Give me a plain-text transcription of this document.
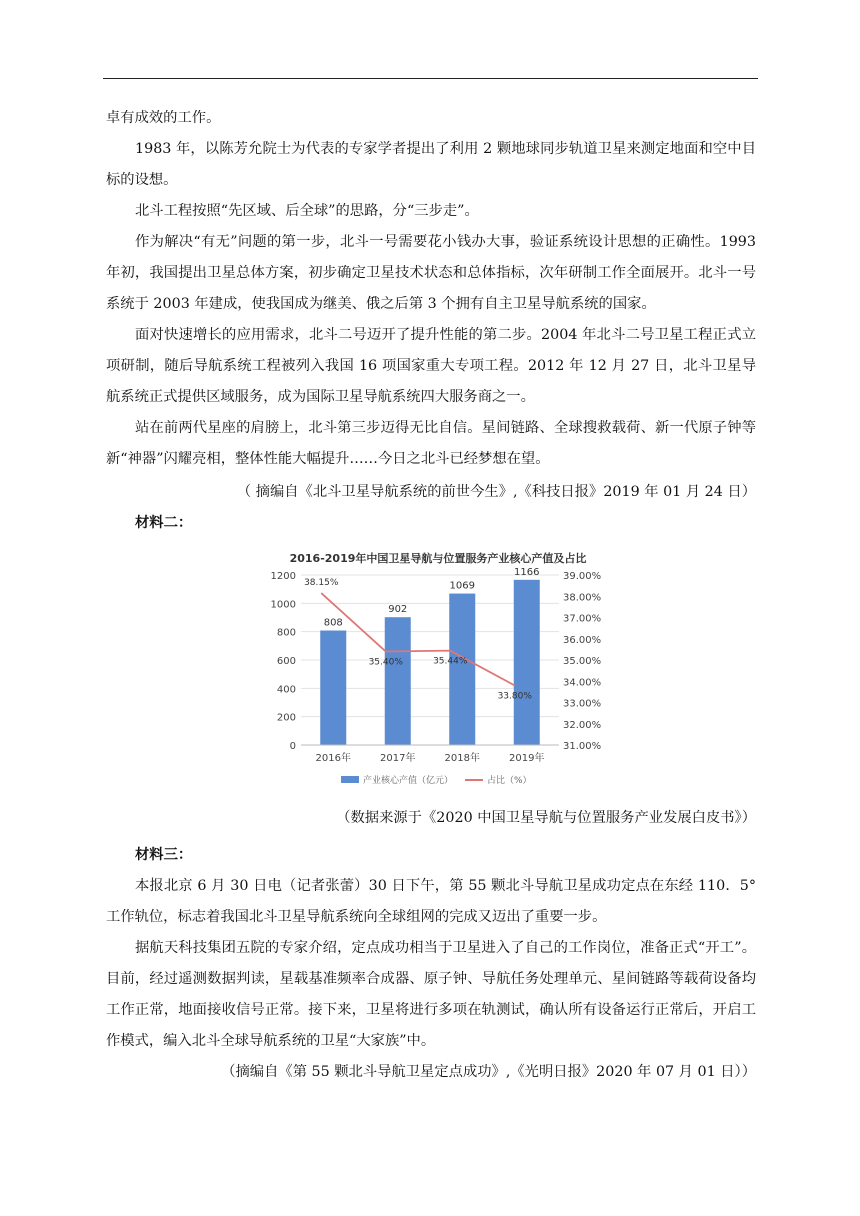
卓有成效的工作。

1983 年，以陈芳允院士为代表的专家学者提出了利用 2 颗地球同步轨道卫星来测定地面和空中目标的设想。

北斗工程按照“先区域、后全球”的思路，分“三步走”。

作为解决“有无”问题的第一步，北斗一号需要花小钱办大事，验证系统设计思想的正确性。1993 年初，我国提出卫星总体方案，初步确定卫星技术状态和总体指标，次年研制工作全面展开。北斗一号系统于 2003 年建成，使我国成为继美、俄之后第 3 个拥有自主卫星导航系统的国家。

面对快速增长的应用需求，北斗二号迈开了提升性能的第二步。2004 年北斗二号卫星工程正式立项研制，随后导航系统工程被列入我国 16 项国家重大专项工程。2012 年 12 月 27 日，北斗卫星导航系统正式提供区域服务，成为国际卫星导航系统四大服务商之一。

站在前两代星座的肩膀上，北斗第三步迈得无比自信。星间链路、全球搜救载荷、新一代原子钟等新“神器”闪耀亮相，整体性能大幅提升……今日之北斗已经梦想在望。

（ 摘编自《北斗卫星导航系统的前世今生》,《科技日报》2019 年 01 月 24 日）

材料二：

2016-2019年中国卫星导航与位置服务产业核心产值及占比
808
902
1069
1166
38.15%
35.40%	35.44%
33.80%
0
200
400
600
800
1000
1200
31.00%
32.00%
33.00%
34.00%
35.00%
36.00%
37.00%
38.00%
39.00%
2016年	2017年	2018年	2019年
产业核心产值（亿元）	占比（%）

（数据来源于《2020 中国卫星导航与位置服务产业发展白皮书》）

材料三：

本报北京 6 月 30 日电（记者张蕾）30 日下午，第 55 颗北斗导航卫星成功定点在东经 110．5° 工作轨位，标志着我国北斗卫星导航系统向全球组网的完成又迈出了重要一步。

据航天科技集团五院的专家介绍，定点成功相当于卫星进入了自己的工作岗位，准备正式“开工”。目前，经过遥测数据判读，星载基准频率合成器、原子钟、导航任务处理单元、星间链路等载荷设备均工作正常，地面接收信号正常。接下来，卫星将进行多项在轨测试，确认所有设备运行正常后，开启工作模式，编入北斗全球导航系统的卫星“大家族”中。

（摘编自《第 55 颗北斗导航卫星定点成功》,《光明日报》2020 年 07 月 01 日））
